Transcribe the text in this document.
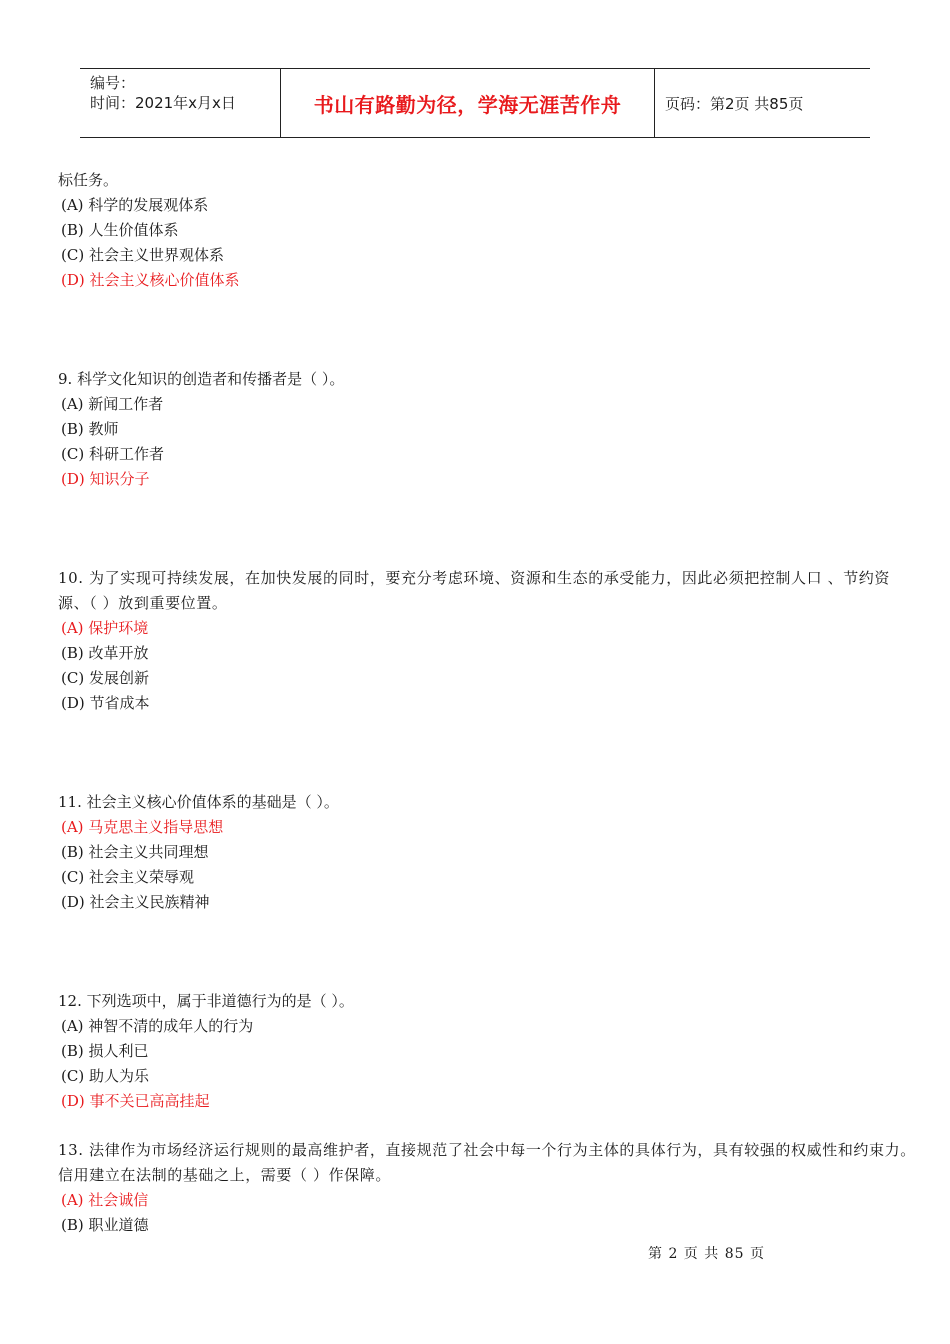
编号：
时间：2021年x月x日	书山有路勤为径，学海无涯苦作舟	页码：第2页 共85页
标任务。
(A) 科学的发展观体系
(B) 人生价值体系
(C) 社会主义世界观体系
(D) 社会主义核心价值体系
9. 科学文化知识的创造者和传播者是（ ）。
(A) 新闻工作者
(B) 教师
(C) 科研工作者
(D) 知识分子
10. 为了实现可持续发展，在加快发展的同时，要充分考虑环境、资源和生态的承受能力，因此必须把控制人口 、节约资源、（ ）放到重要位置。
(A) 保护环境
(B) 改革开放
(C) 发展创新
(D) 节省成本
11. 社会主义核心价值体系的基础是（ ）。
(A) 马克思主义指导思想
(B) 社会主义共同理想
(C) 社会主义荣辱观
(D) 社会主义民族精神
12. 下列选项中，属于非道德行为的是（ ）。
(A) 神智不清的成年人的行为
(B) 损人利已
(C) 助人为乐
(D) 事不关已高高挂起
13. 法律作为市场经济运行规则的最高维护者，直接规范了社会中每一个行为主体的具体行为，具有较强的权威性和约束力。信用建立在法制的基础之上，需要（ ）作保障。
(A) 社会诚信
(B) 职业道德
第 2 页 共 85 页
